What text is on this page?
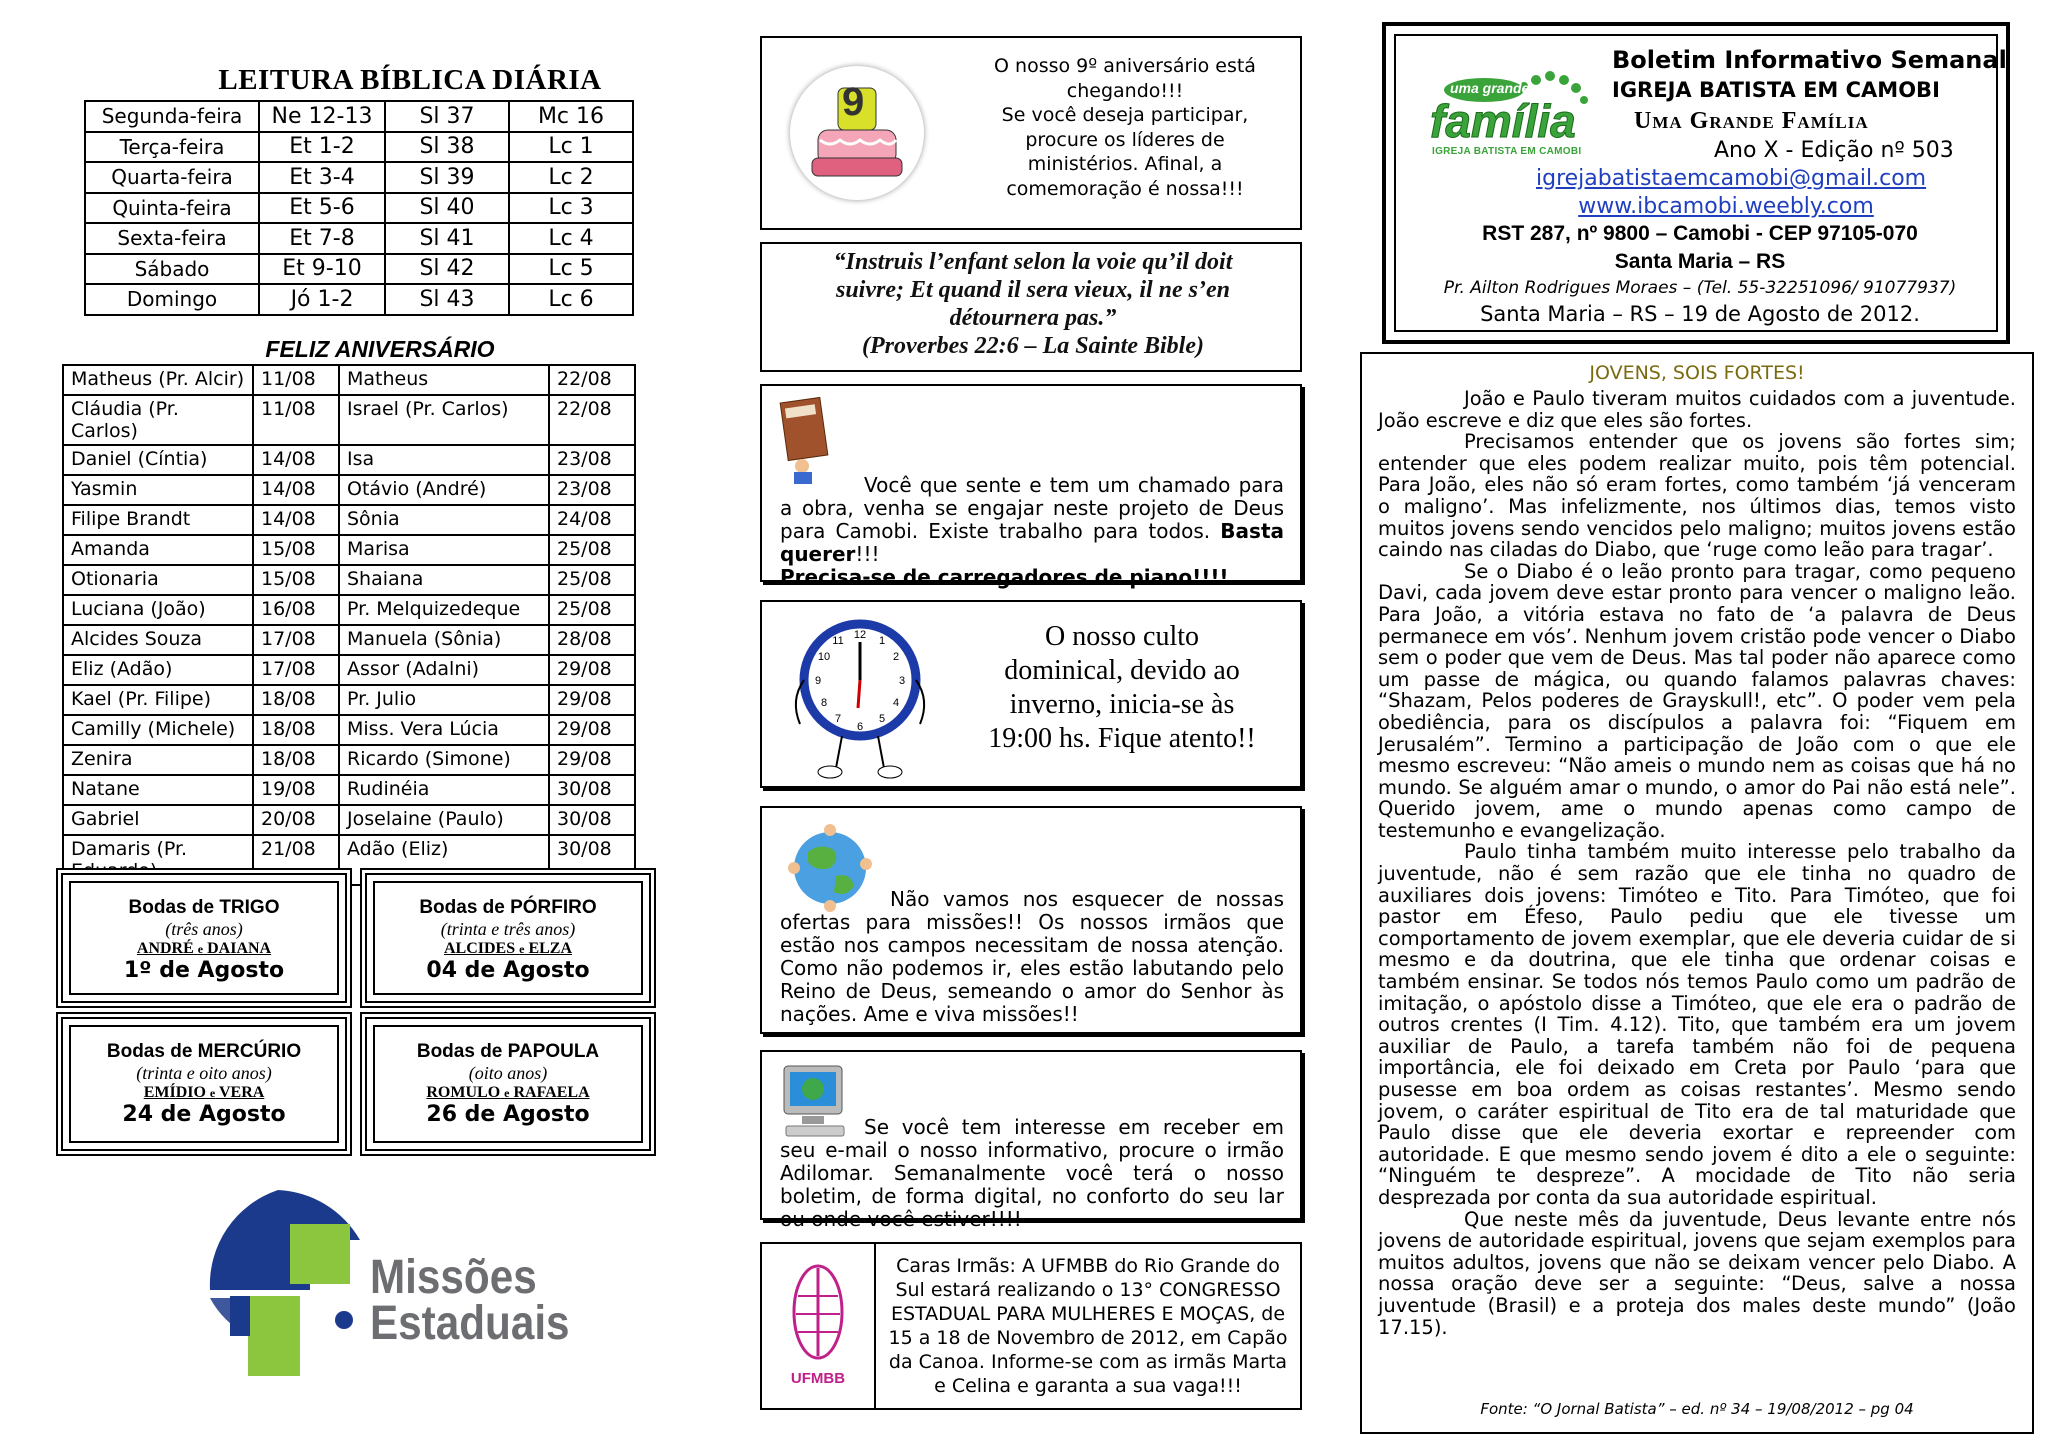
LEITURA BÍBLICA DIÁRIA
Segunda-feira	Ne 12-13	Sl 37	Mc 16
Terça-feira	Et 1-2	Sl 38	Lc 1
Quarta-feira	Et 3-4	Sl 39	Lc 2
Quinta-feira	Et 5-6	Sl 40	Lc 3
Sexta-feira	Et 7-8	Sl 41	Lc 4
Sábado	Et 9-10	Sl 42	Lc 5
Domingo	Jó 1-2	Sl 43	Lc 6
FELIZ ANIVERSÁRIO
Matheus (Pr. Alcir)	11/08	Matheus	22/08
Cláudia (Pr. Carlos)	11/08	Israel (Pr. Carlos)	22/08
Daniel (Cíntia)	14/08	Isa	23/08
Yasmin	14/08	Otávio (André)	23/08
Filipe Brandt	14/08	Sônia	24/08
Amanda	15/08	Marisa	25/08
Otionaria	15/08	Shaiana	25/08
Luciana (João)	16/08	Pr. Melquizedeque	25/08
Alcides Souza	17/08	Manuela (Sônia)	28/08
Eliz (Adão)	17/08	Assor (Adalni)	29/08
Kael (Pr. Filipe)	18/08	Pr. Julio	29/08
Camilly (Michele)	18/08	Miss. Vera Lúcia	29/08
Zenira	18/08	Ricardo (Simone)	29/08
Natane	19/08	Rudinéia	30/08
Gabriel	20/08	Joselaine (Paulo)	30/08
Damaris (Pr.	21/08	Adão (Eliz)	30/08
Bodas de TRIGO
(três anos)
ANDRÉ e DAIANA
1º de Agosto
Bodas de PÓRFIRO
(trinta e três anos)
ALCIDES e ELZA
04 de Agosto
Bodas de MERCÚRIO
(trinta e oito anos)
EMÍDIO e VERA
24 de Agosto
Bodas de PAPOULA
(oito anos)
ROMULO e RAFAELA
26 de Agosto
Missões
Estaduais
9
O nosso 9º aniversário está
chegando!!!
Se você deseja participar,
procure os líderes de
ministérios. Afinal, a
comemoração é nossa!!!
“Instruis l’enfant selon la voie qu’il doit
suivre; Et quand il sera vieux, il ne s’en
détournera pas.”
(Proverbes 22:6 – La Sainte Bible)
Você que sente e tem um chamado para a obra, venha se engajar neste projeto de Deus para Camobi. Existe trabalho para todos. Basta querer!!!
Precisa-se de carregadores de piano!!!!
12 1
2
3
4
5
6
7
8
9
10
11	O nosso culto
dominical, devido ao
inverno, inicia-se às
19:00 hs. Fique atento!!
Não vamos nos esquecer de nossas ofertas para missões!! Os nossos irmãos que estão nos campos necessitam de nossa atenção. Como não podemos ir, eles estão labutando pelo Reino de Deus, semeando o amor do Senhor às nações. Ame e viva missões!!
Se você tem interesse em receber em seu e-mail o nosso informativo, procure o irmão Adilomar. Semanalmente você terá o nosso boletim, de forma digital, no conforto do seu lar ou onde você estiver!!!!
UFMBB
Caras Irmãs: A UFMBB do Rio Grande do
Sul estará realizando o 13° CONGRESSO
ESTADUAL PARA MULHERES E MOÇAS, de
15 a 18 de Novembro de 2012, em Capão
da Canoa. Informe-se com as irmãs Marta
e Celina e garanta a sua vaga!!!
uma grande
família
IGREJA BATISTA EM CAMOBI
Boletim Informativo Semanal
IGREJA BATISTA EM CAMOBI
Uma Grande Família
Ano X - Edição nº 503
igrejabatistaemcamobi@gmail.com
www.ibcamobi.weebly.com
RST 287, nº 9800 – Camobi - CEP 97105-070
Santa Maria – RS
Pr. Ailton Rodrigues Moraes – (Tel. 55-32251096/ 91077937)
Santa Maria – RS – 19 de Agosto de 2012.
JOVENS, SOIS FORTES!

João e Paulo tiveram muitos cuidados com a juventude. João escreve e diz que eles são fortes.

Precisamos entender que os jovens são fortes sim; entender que eles podem realizar muito, pois têm potencial. Para João, eles não só eram fortes, como também ‘já venceram o maligno’. Mas infelizmente, nos últimos dias, temos visto muitos jovens sendo vencidos pelo maligno; muitos jovens estão caindo nas ciladas do Diabo, que ‘ruge como leão para tragar’.

Se o Diabo é o leão pronto para tragar, como pequeno Davi, cada jovem deve estar pronto para vencer o maligno leão. Para João, a vitória estava no fato de ‘a palavra de Deus permanece em vós’. Nenhum jovem cristão pode vencer o Diabo sem o poder que vem de Deus. Mas tal poder não aparece como um passe de mágica, ou quando falamos palavras chaves: “Shazam, Pelos poderes de Grayskull!, etc”. O poder vem pela obediência, para os discípulos a palavra foi: “Fiquem em Jerusalém”. Termino a participação de João com o que ele mesmo escreveu: “Não ameis o mundo nem as coisas que há no mundo. Se alguém amar o mundo, o amor do Pai não está nele”. Querido jovem, ame o mundo apenas como campo de testemunho e evangelização.

Paulo tinha também muito interesse pelo trabalho da juventude, não é sem razão que ele tinha no quadro de auxiliares dois jovens: Timóteo e Tito. Para Timóteo, que foi pastor em Éfeso, Paulo pediu que ele tivesse um comportamento de jovem exemplar, que ele deveria cuidar de si mesmo e da doutrina, que ele tinha que ordenar coisas e também ensinar. Se todos nós temos Paulo como um padrão de imitação, o apóstolo disse a Timóteo, que ele era o padrão de outros crentes (I Tim. 4.12). Tito, que também era um jovem auxiliar de Paulo, a tarefa também não foi de pequena importância, ele foi deixado em Creta por Paulo ‘para que pusesse em boa ordem as coisas restantes’. Mesmo sendo jovem, o caráter espiritual de Tito era de tal maturidade que Paulo disse que ele deveria exortar e repreender com autoridade. E que mesmo sendo jovem é dito a ele o seguinte: “Ninguém te despreze”. A mocidade de Tito não seria desprezada por conta da sua autoridade espiritual.

Que neste mês da juventude, Deus levante entre nós jovens de autoridade espiritual, jovens que sejam exemplos para muitos adultos, jovens que não se deixam vencer pelo Diabo. A nossa oração deve ser a seguinte: “Deus, salve a nossa juventude (Brasil) e a proteja dos males deste mundo” (João 17.15).

Fonte: “O Jornal Batista” – ed. nº 34 – 19/08/2012 – pg 04
